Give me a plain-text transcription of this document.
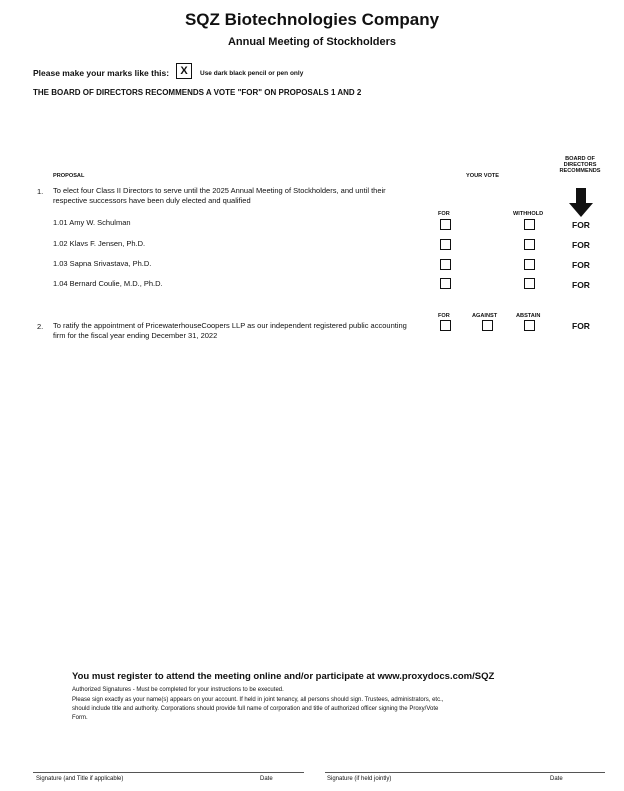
SQZ Biotechnologies Company
Annual Meeting of Stockholders
Please make your marks like this:	X	Use dark black pencil or pen only
THE BOARD OF DIRECTORS RECOMMENDS A VOTE "FOR" ON PROPOSALS 1 AND 2
PROPOSAL	YOUR VOTE
BOARD OF
DIRECTORS
RECOMMENDS
1. To elect four Class II Directors to serve until the 2025 Annual Meeting of Stockholders, and until their respective successors have been duly elected and qualified
FOR	WITHHOLD
1.01 Amy W. Schulman	FOR
1.02 Klavs F. Jensen, Ph.D.	FOR
1.03 Sapna Srivastava, Ph.D.	FOR
1.04 Bernard Coulie, M.D., Ph.D.	FOR
FOR	AGAINST	ABSTAIN
2. To ratify the appointment of PricewaterhouseCoopers LLP as our independent registered public accounting firm for the fiscal year ending December 31, 2022
FOR
You must register to attend the meeting online and/or participate at www.proxydocs.com/SQZ
Authorized Signatures - Must be completed for your instructions to be executed.
Please sign exactly as your name(s) appears on your account. If held in joint tenancy, all persons should sign. Trustees, administrators, etc.,
should include title and authority. Corporations should provide full name of corporation and title of authorized officer signing the Proxy/Vote
Form.
Signature (and Title if applicable)	Date	Signature (if held jointly)	Date
